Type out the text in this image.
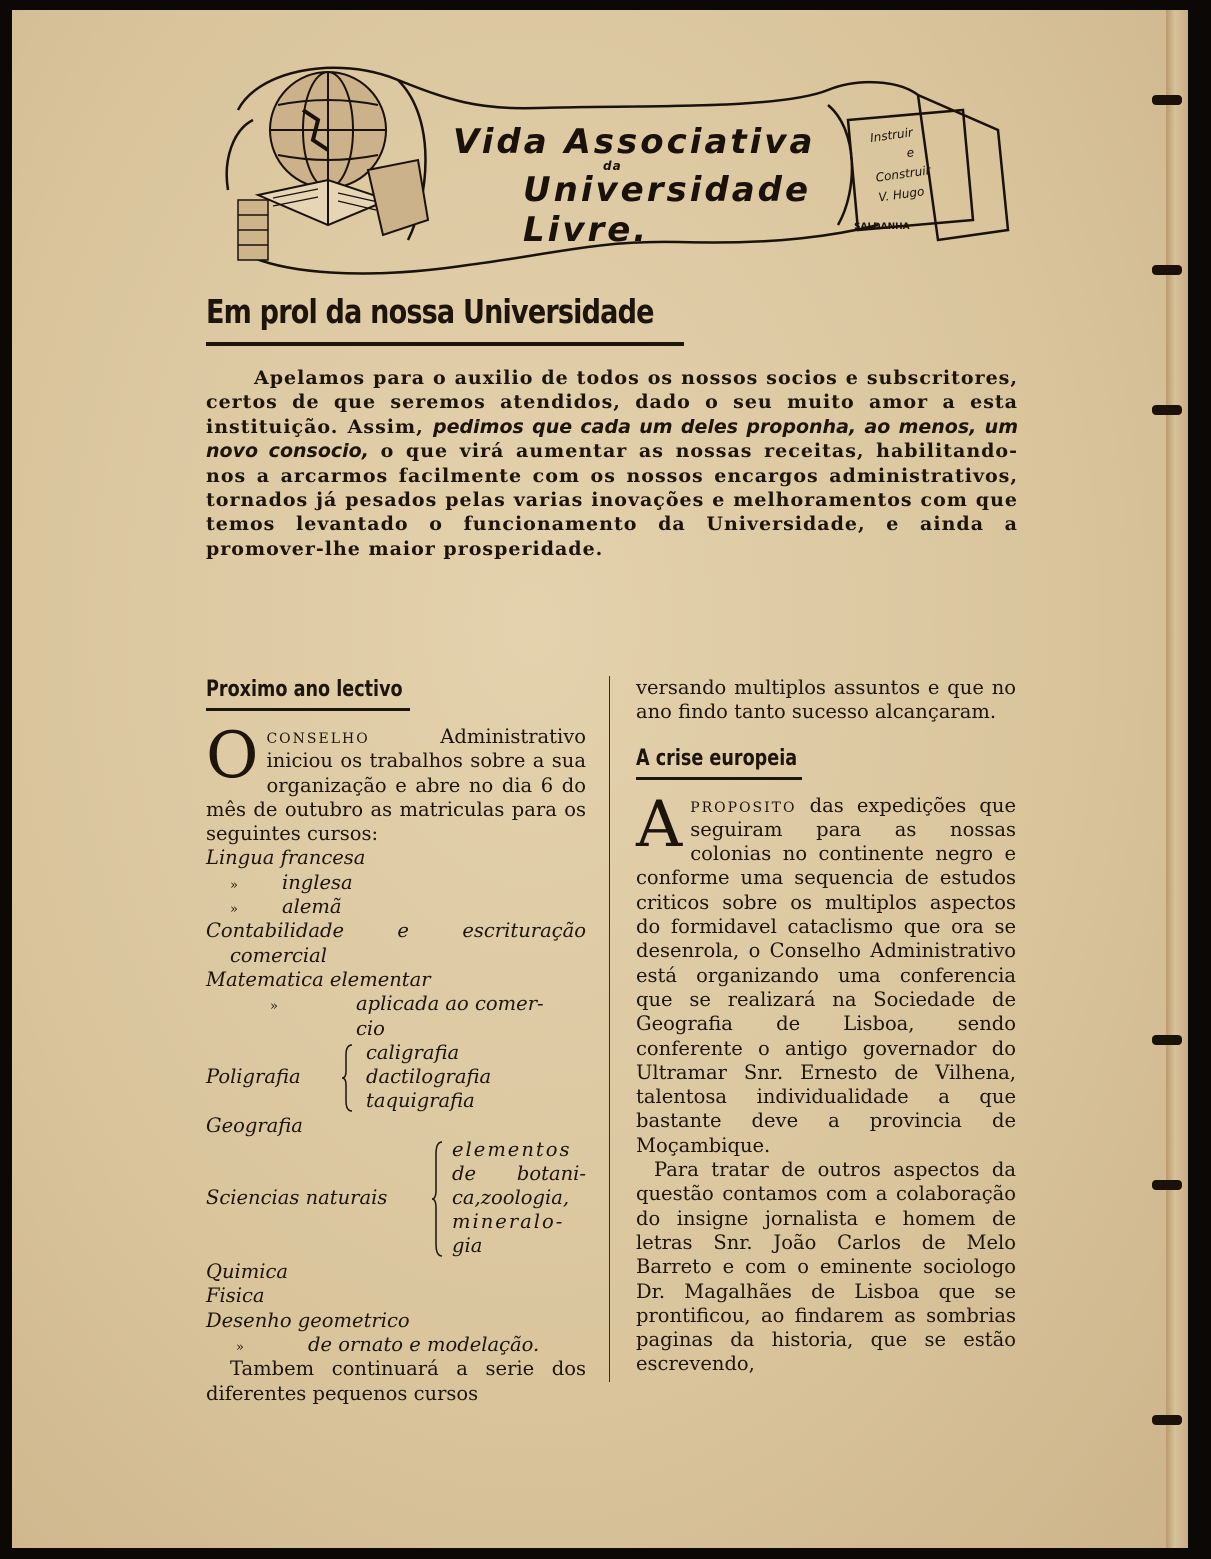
Vida Associativa
da
Universidade Livre.
Instruir
e
Construir
V. Hugo
SALDANHA
Em prol da nossa Universidade
Apelamos para o auxilio de todos os nossos socios e subscritores, certos de que seremos atendidos, dado o seu muito amor a esta instituição. Assim, pedimos que cada um deles proponha, ao menos, um novo consocio, o que virá aumentar as nossas receitas, habilitando-nos a arcarmos facilmente com os nossos encargos administrativos, tornados já pesados pelas varias inovações e melhoramentos com que temos levantado o funcionamento da Universidade, e ainda a promover-lhe maior prosperidade.
Proximo ano lectivo

O conselho Administrativo iniciou os trabalhos sobre a sua organização e abre no dia 6 do mês de outubro as matriculas para os seguintes cursos:

Lingua francesa
» inglesa
» alemã
Contabilidade	e	escrituração
comercial
Matematica elementar
»	aplicada ao comer-
cio
caligrafia
Poligrafia	dactilografia
taquigrafia
Geografia
elementos
de botani-
Sciencias naturais	ca,zoologia,
mineralo-
gia
Quimica
Fisica
Desenho geometrico
»	de ornato e modelação.

Tambem continuará a serie dos diferentes pequenos cursos

versando multiplos assuntos e que no ano findo tanto sucesso alcançaram.

A crise europeia

A proposito das expedições que seguiram para as nossas colonias no continente negro e conforme uma sequencia de estudos criticos sobre os multiplos aspectos do formidavel cataclismo que ora se desenrola, o Conselho Administrativo está organizando uma conferencia que se realizará na Sociedade de Geografia de Lisboa, sendo conferente o antigo governador do Ultramar Snr. Ernesto de Vilhena, talentosa individualidade a que bastante deve a provincia de Moçambique.

Para tratar de outros aspectos da questão contamos com a colaboração do insigne jornalista e homem de letras Snr. João Carlos de Melo Barreto e com o eminente sociologo Dr. Magalhães de Lisboa que se prontificou, ao findarem as sombrias paginas da historia, que se estão escrevendo,
